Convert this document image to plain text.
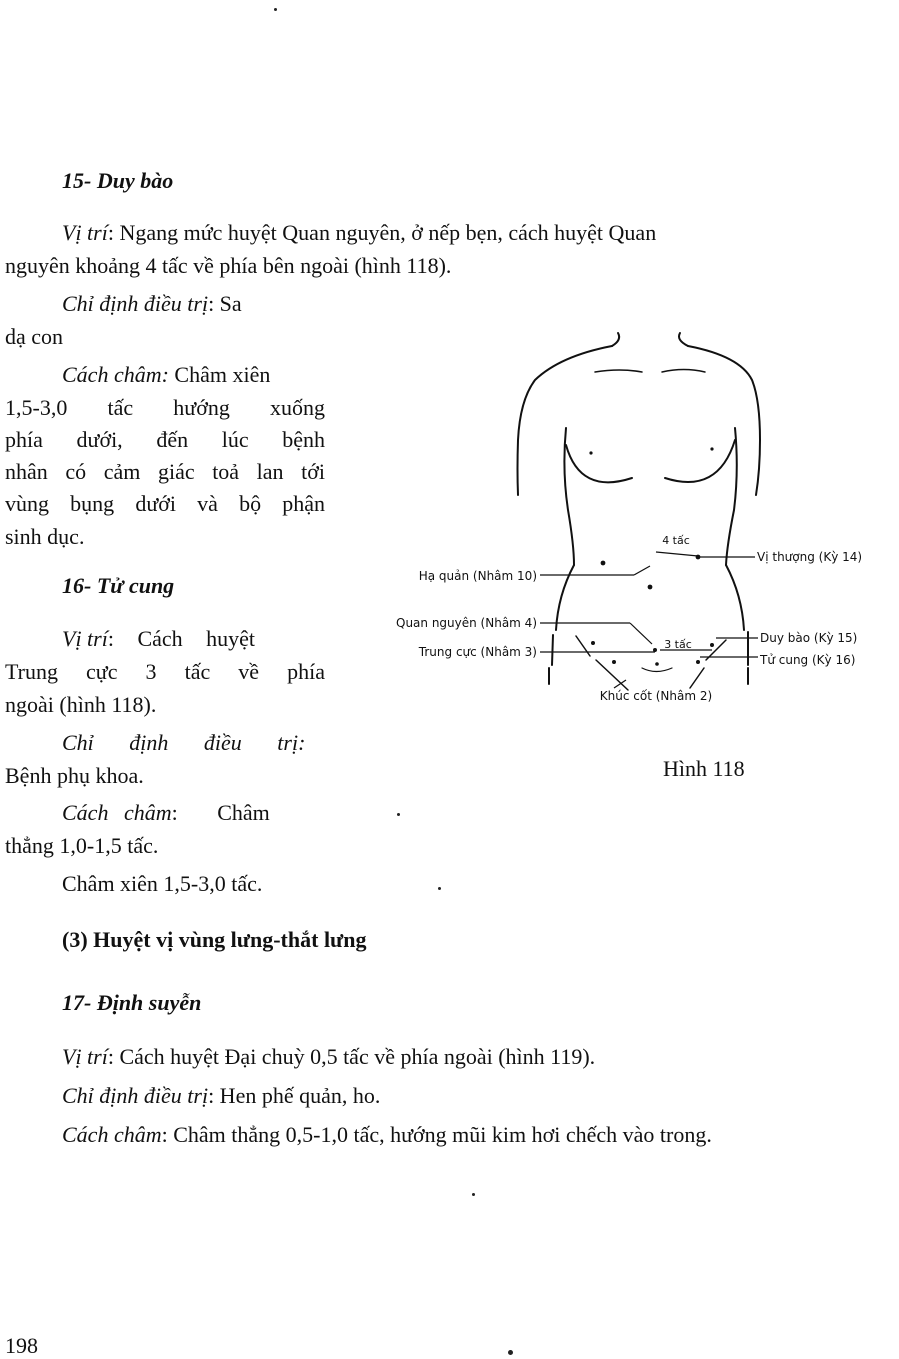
15- Duy bào
Vị trí: Ngang mức huyệt Quan nguyên, ở nếp bẹn, cách huyệt Quan
nguyên khoảng 4 tấc về phía bên ngoài (hình 118).
Chỉ định điều trị: Sa
dạ con
Cách châm: Châm xiên
1,5-3,0 tấc hướng xuống
phía dưới, đến lúc bệnh
nhân có cảm giác toả lan tới
vùng bụng dưới và bộ phận
sinh dục.
16- Tử cung
Vị trí: Cách huyệt
Trung cực 3 tấc về phía
ngoài (hình 118).
Chỉ định điều trị:
Bệnh phụ khoa.
Cách châm: Châm
thẳng 1,0-1,5 tấc.
Châm xiên 1,5-3,0 tấc.
(3) Huyệt vị vùng lưng-thắt lưng
17- Định suyễn
Vị trí: Cách huyệt Đại chuỳ 0,5 tấc về phía ngoài (hình 119).
Chỉ định điều trị: Hen phế quản, ho.
Cách châm: Châm thẳng 0,5-1,0 tấc, hướng mũi kim hơi chếch vào trong.
198
Hạ quản (Nhâm 10)
Quan nguyên (Nhâm 4)
Trung cực (Nhâm 3)
Khúc cốt (Nhâm 2)
Vị thượng (Kỳ 14)
Duy bào (Kỳ 15)
Tử cung (Kỳ 16)
4 tấc
3 tấc
Hình 118
